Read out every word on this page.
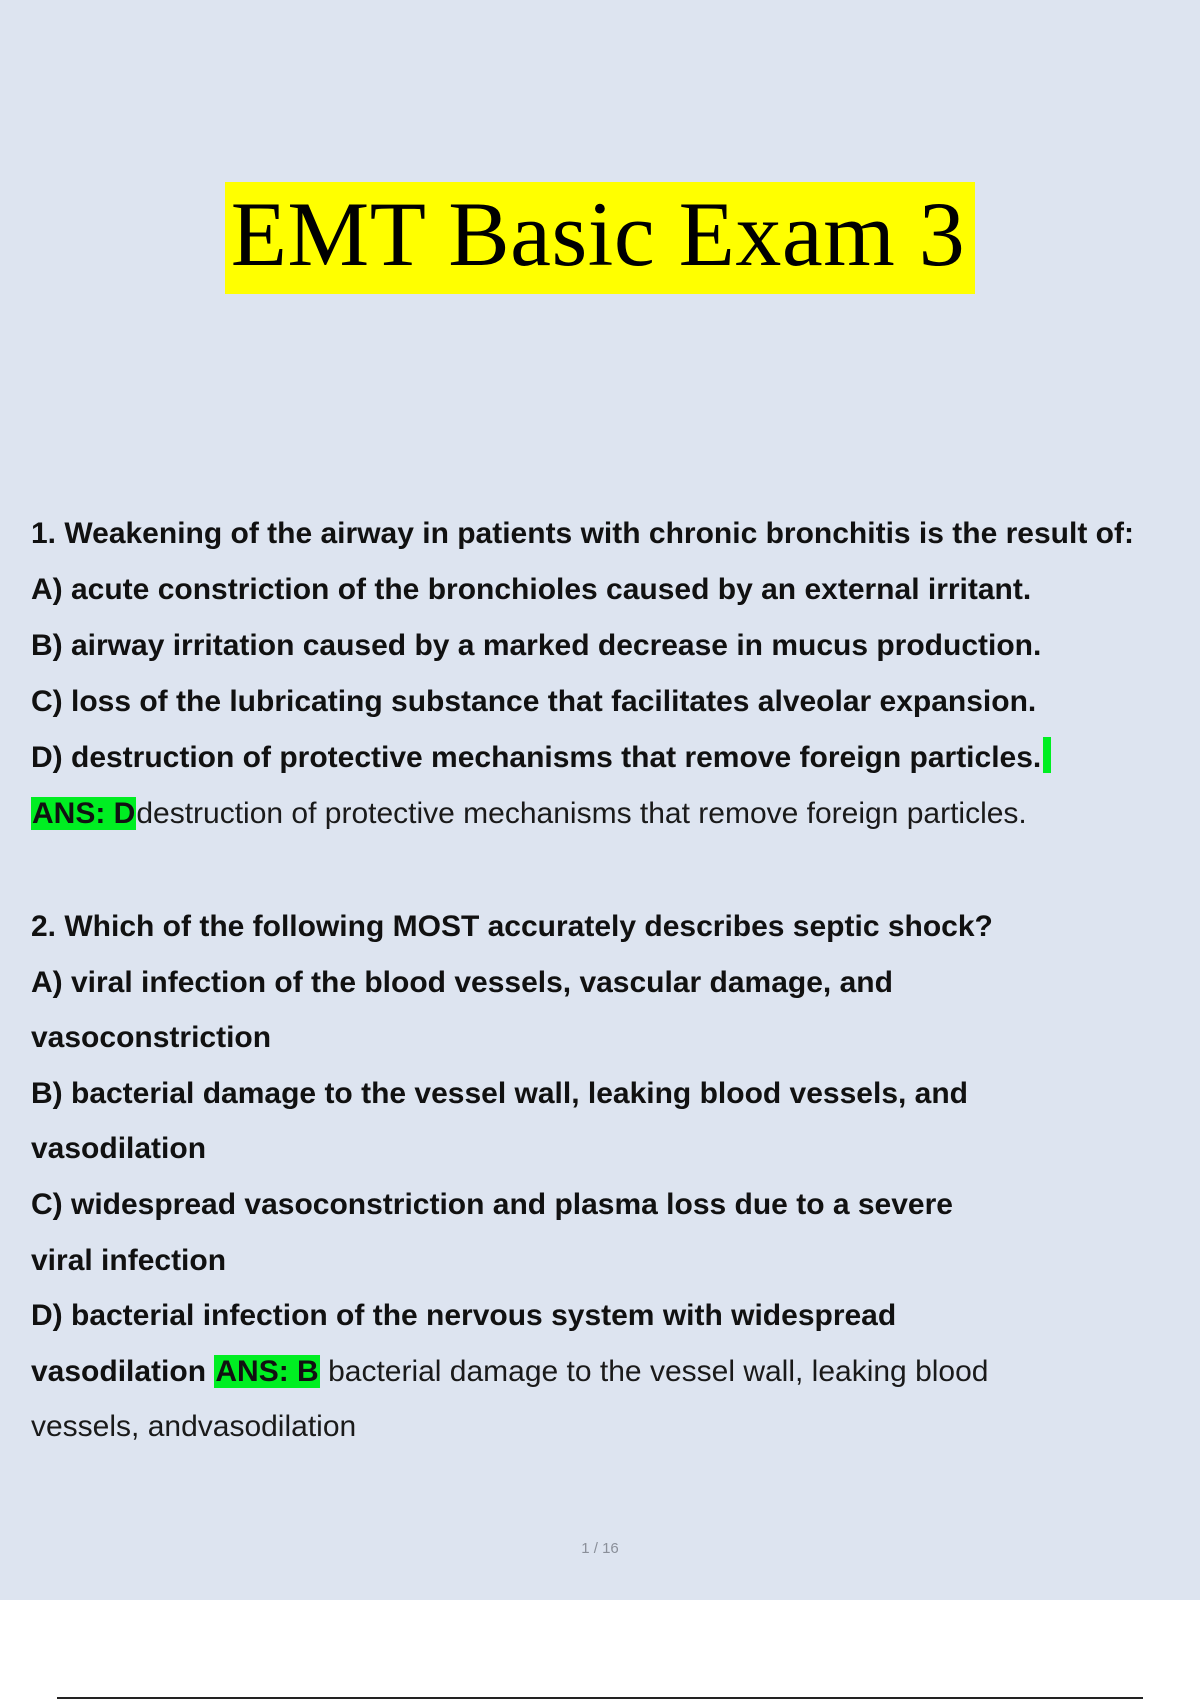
EMT Basic Exam 3
1. Weakening of the airway in patients with chronic bronchitis is the result of:
A) acute constriction of the bronchioles caused by an external irritant.
B) airway irritation caused by a marked decrease in mucus production.
C) loss of the lubricating substance that facilitates alveolar expansion.
D) destruction of protective mechanisms that remove foreign particles.
ANS: Ddestruction of protective mechanisms that remove foreign particles.
2. Which of the following MOST accurately describes septic shock?
A) viral infection of the blood vessels, vascular damage, and
vasoconstriction
B) bacterial damage to the vessel wall, leaking blood vessels, and
vasodilation
C) widespread vasoconstriction and plasma loss due to a severe
viral infection
D) bacterial infection of the nervous system with widespread
vasodilation ANS: B bacterial damage to the vessel wall, leaking blood
vessels, andvasodilation
1 / 16
